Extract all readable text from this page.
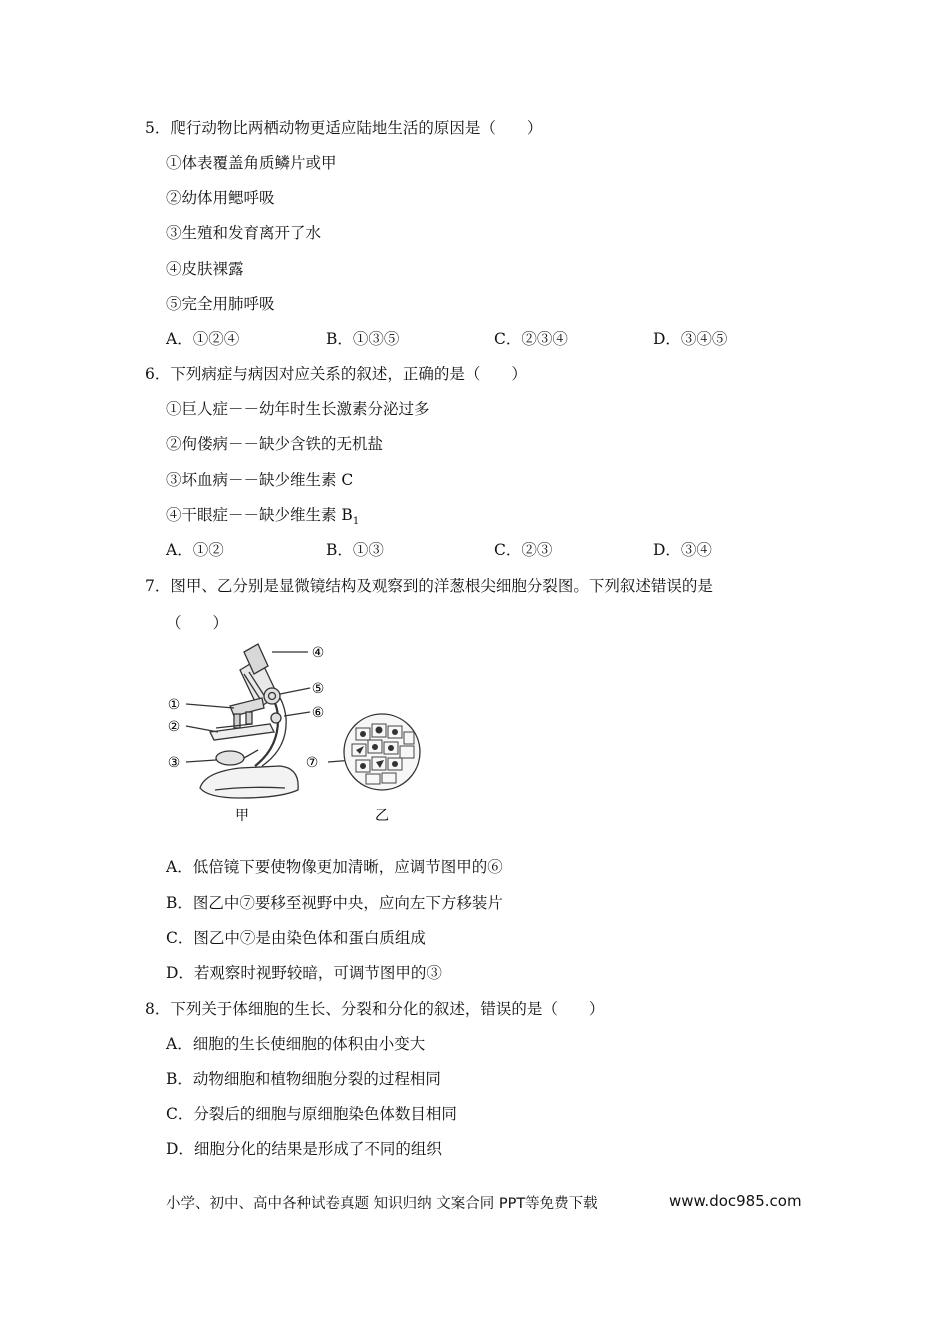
5．爬行动物比两栖动物更适应陆地生活的原因是（　　）
①体表覆盖角质鳞片或甲
②幼体用鳃呼吸
③生殖和发育离开了水
④皮肤裸露
⑤完全用肺呼吸
A．①②④	B．①③⑤	C．②③④	D．③④⑤
6．下列病症与病因对应关系的叙述，正确的是（　　）
①巨人症－－幼年时生长激素分泌过多
②佝偻病－－缺少含铁的无机盐
③坏血病－－缺少维生素 C
④干眼症－－缺少维生素 $B_1$
A．①②	B．①③	C．②③	D．③④
7．图甲、乙分别是显微镜结构及观察到的洋葱根尖细胞分裂图。下列叙述错误的是
（　　）
①
②
③
④
⑤
⑥
⑦
甲	乙
A．低倍镜下要使物像更加清晰，应调节图甲的⑥
B．图乙中⑦要移至视野中央，应向左下方移装片
C．图乙中⑦是由染色体和蛋白质组成
D．若观察时视野较暗，可调节图甲的③
8．下列关于体细胞的生长、分裂和分化的叙述，错误的是（　　）
A．细胞的生长使细胞的体积由小变大
B．动物细胞和植物细胞分裂的过程相同
C．分裂后的细胞与原细胞染色体数目相同
D．细胞分化的结果是形成了不同的组织
小学、初中、高中各种试卷真题 知识归纳 文案合同 PPT等免费下载	www.doc985.com
